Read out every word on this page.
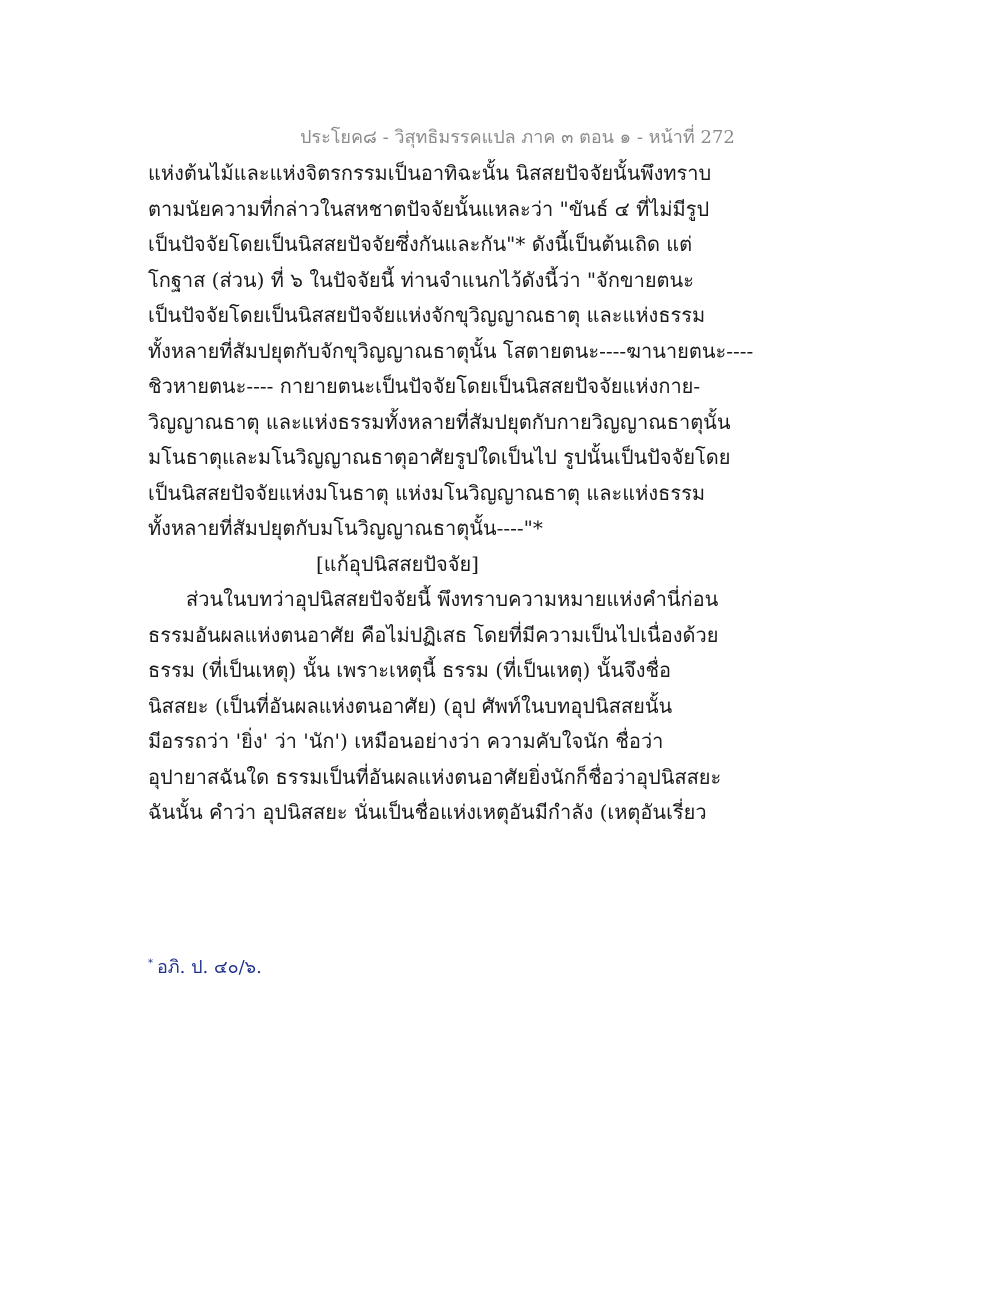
ประโยค๘ - วิสุทธิมรรคแปล ภาค ๓ ตอน ๑ - หน้าที่ 272
แห่งต้นไม้และแห่งจิตรกรรมเป็นอาทิฉะนั้น นิสสยปัจจัยนั้นพึงทราบ
ตามนัยความที่กล่าวในสหชาตปัจจัยนั้นแหละว่า "ขันธ์ ๔ ที่ไม่มีรูป
เป็นปัจจัยโดยเป็นนิสสยปัจจัยซึ่งกันและกัน"* ดังนี้เป็นต้นเถิด แต่
โกฐาส (ส่วน) ที่ ๖ ในปัจจัยนี้ ท่านจำแนกไว้ดังนี้ว่า "จักขายตนะ
เป็นปัจจัยโดยเป็นนิสสยปัจจัยแห่งจักขุวิญญาณธาตุ และแห่งธรรม
ทั้งหลายที่สัมปยุตกับจักขุวิญญาณธาตุนั้น โสตายตนะ----ฆานายตนะ----
ชิวหายตนะ---- กายายตนะเป็นปัจจัยโดยเป็นนิสสยปัจจัยแห่งกาย-
วิญญาณธาตุ และแห่งธรรมทั้งหลายที่สัมปยุตกับกายวิญญาณธาตุนั้น
มโนธาตุและมโนวิญญาณธาตุอาศัยรูปใดเป็นไป รูปนั้นเป็นปัจจัยโดย
เป็นนิสสยปัจจัยแห่งมโนธาตุ แห่งมโนวิญญาณธาตุ และแห่งธรรม
ทั้งหลายที่สัมปยุตกับมโนวิญญาณธาตุนั้น----"*
[แก้อุปนิสสยปัจจัย]
ส่วนในบทว่าอุปนิสสยปัจจัยนี้ พึงทราบความหมายแห่งคำนี่ก่อน
ธรรมอันผลแห่งตนอาศัย คือไม่ปฏิเสธ โดยที่มีความเป็นไปเนื่องด้วย
ธรรม (ที่เป็นเหตุ) นั้น เพราะเหตุนี้ ธรรม (ที่เป็นเหตุ) นั้นจึงชื่อ
นิสสยะ (เป็นที่อันผลแห่งตนอาศัย) (อุป ศัพท์ในบทอุปนิสสยนั้น
มีอรรถว่า 'ยิ่ง' ว่า 'นัก') เหมือนอย่างว่า ความคับใจนัก ชื่อว่า
อุปายาสฉันใด ธรรมเป็นที่อันผลแห่งตนอาศัยยิ่งนักก็ชื่อว่าอุปนิสสยะ
ฉันนั้น คำว่า อุปนิสสยะ นั่นเป็นชื่อแห่งเหตุอันมีกำลัง (เหตุอันเรี่ยว
* อภิ. ป. ๔๐/๖.
